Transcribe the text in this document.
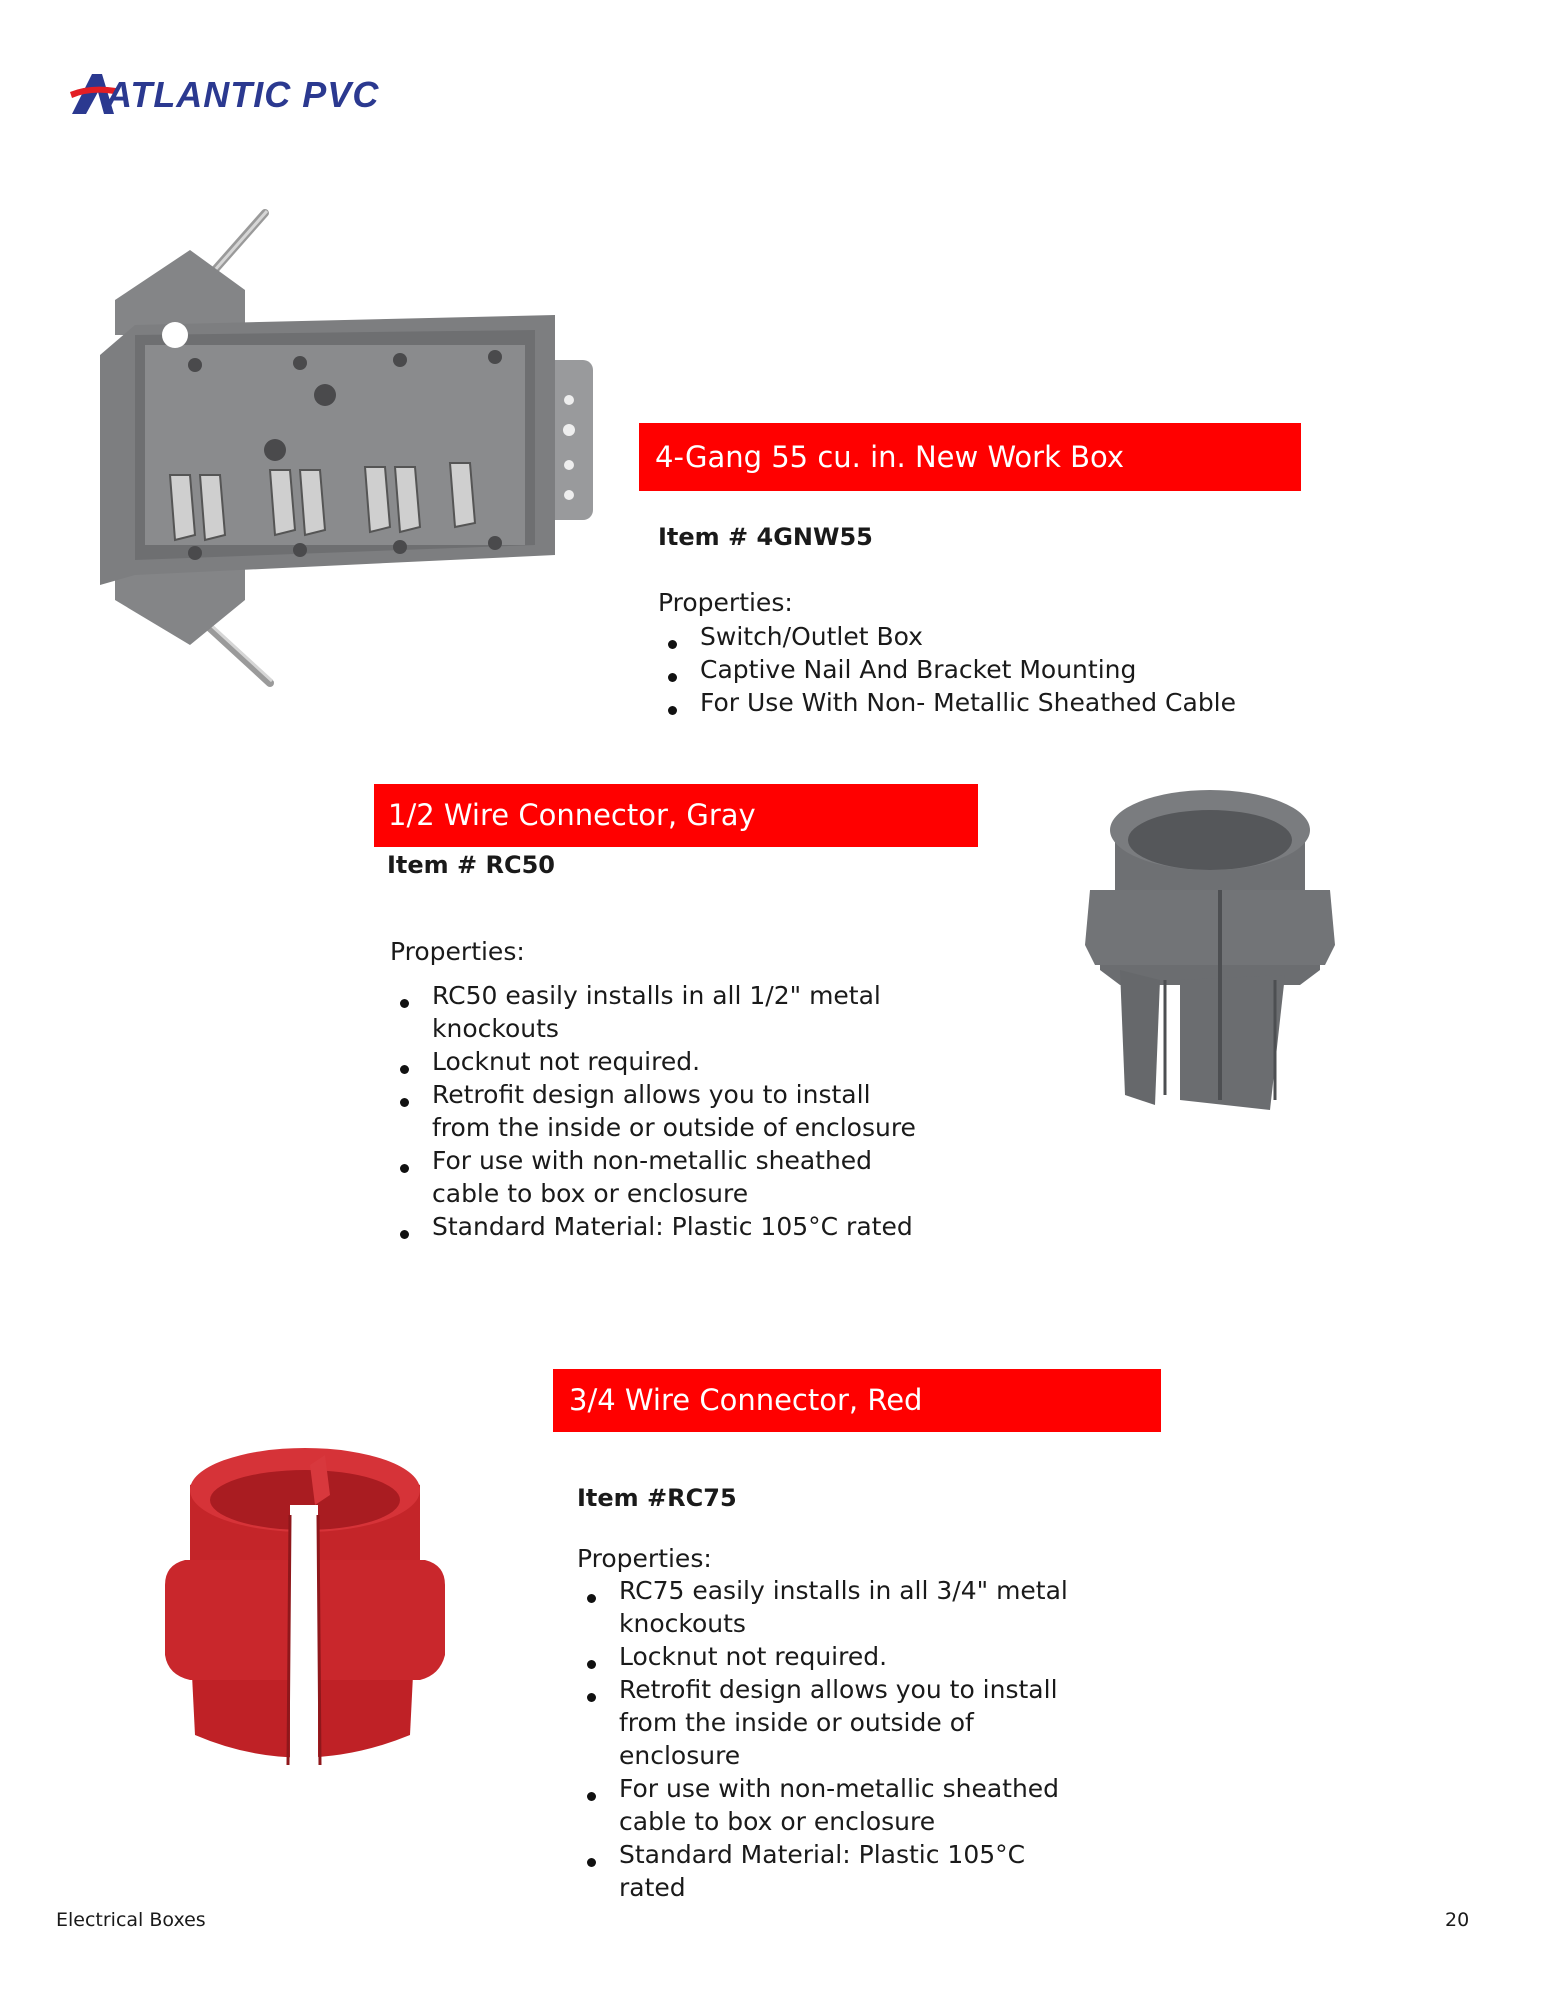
ATLANTIC PVC
4-Gang 55 cu. in. New Work Box
Item # 4GNW55
Properties:
Switch/Outlet Box
Captive Nail And Bracket Mounting
For Use With Non- Metallic Sheathed Cable
1/2 Wire Connector, Gray
Item # RC50
Properties:
RC50 easily installs in all 1/2" metal knockouts
Locknut not required.
Retrofit design allows you to install from the inside or outside of enclosure
For use with non-metallic sheathed cable to box or enclosure
Standard Material: Plastic 105°C rated
3/4 Wire Connector, Red
Item #RC75
Properties:
RC75 easily installs in all 3/4" metal knockouts
Locknut not required.
Retrofit design allows you to install from the inside or outside of enclosure
For use with non-metallic sheathed cable to box or enclosure
Standard Material: Plastic 105°C rated
Electrical Boxes	20
